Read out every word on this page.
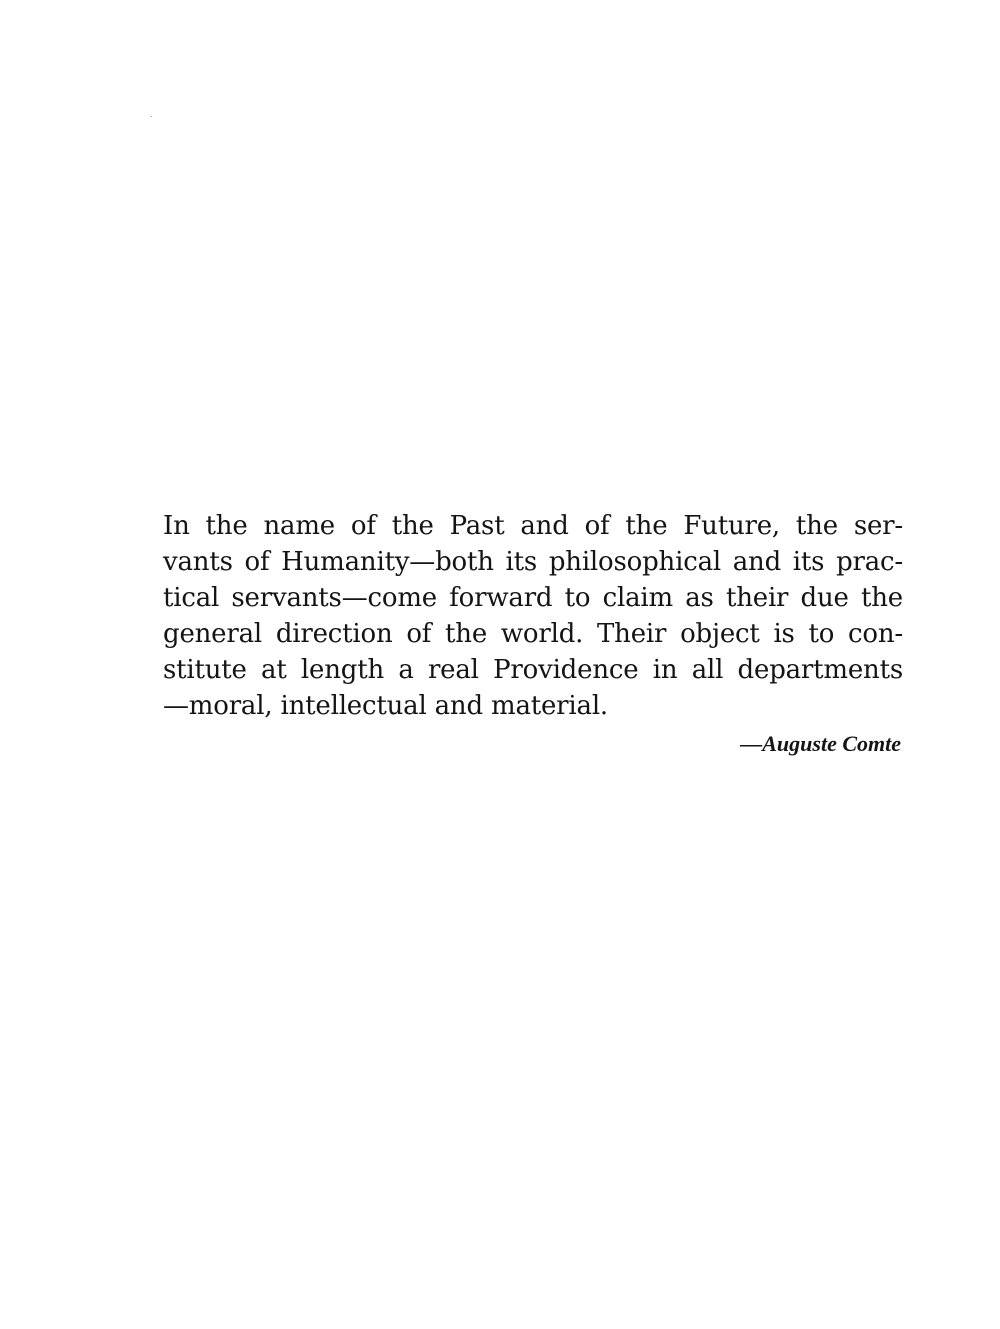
In the name of the Past and of the Future, the ser-
vants of Humanity—both its philosophical and its prac-
tical servants—come forward to claim as their due the
general direction of the world. Their object is to con-
stitute at length a real Providence in all departments
—moral, intellectual and material.
—Auguste Comte
